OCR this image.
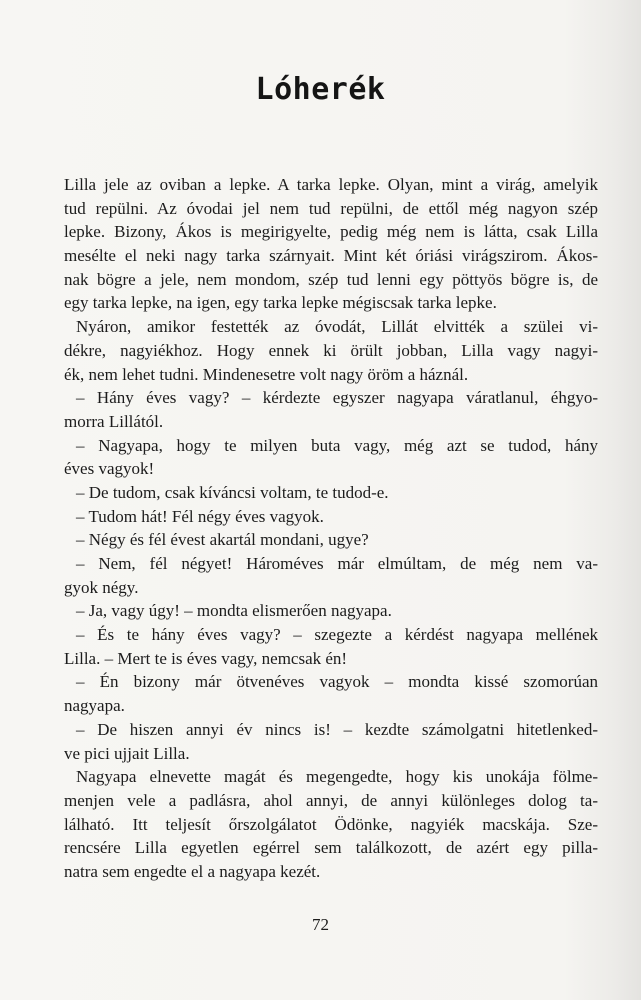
Lóherék
Lilla jele az oviban a lepke. A tarka lepke. Olyan, mint a virág, amelyik
tud repülni. Az óvodai jel nem tud repülni, de ettől még nagyon szép
lepke. Bizony, Ákos is megirigyelte, pedig még nem is látta, csak Lilla
mesélte el neki nagy tarka szárnyait. Mint két óriási virágszirom. Ákos-
nak bögre a jele, nem mondom, szép tud lenni egy pöttyös bögre is, de
egy tarka lepke, na igen, egy tarka lepke mégiscsak tarka lepke.
Nyáron, amikor festették az óvodát, Lillát elvitték a szülei vi-
dékre, nagyiékhoz. Hogy ennek ki örült jobban, Lilla vagy nagyi-
ék, nem lehet tudni. Mindenesetre volt nagy öröm a háznál.
– Hány éves vagy? – kérdezte egyszer nagyapa váratlanul, éhgyo-
morra Lillától.
– Nagyapa, hogy te milyen buta vagy, még azt se tudod, hány
éves vagyok!
– De tudom, csak kíváncsi voltam, te tudod-e.
– Tudom hát! Fél négy éves vagyok.
– Négy és fél évest akartál mondani, ugye?
– Nem, fél négyet! Hároméves már elmúltam, de még nem va-
gyok négy.
– Ja, vagy úgy! – mondta elismerően nagyapa.
– És te hány éves vagy? – szegezte a kérdést nagyapa mellének
Lilla. – Mert te is éves vagy, nemcsak én!
– Én bizony már ötvenéves vagyok – mondta kissé szomorúan
nagyapa.
– De hiszen annyi év nincs is! – kezdte számolgatni hitetlenked-
ve pici ujjait Lilla.
Nagyapa elnevette magát és megengedte, hogy kis unokája fölme-
menjen vele a padlásra, ahol annyi, de annyi különleges dolog ta-
lálható. Itt teljesít őrszolgálatot Ödönke, nagyiék macskája. Sze-
rencsére Lilla egyetlen egérrel sem találkozott, de azért egy pilla-
natra sem engedte el a nagyapa kezét.
72
